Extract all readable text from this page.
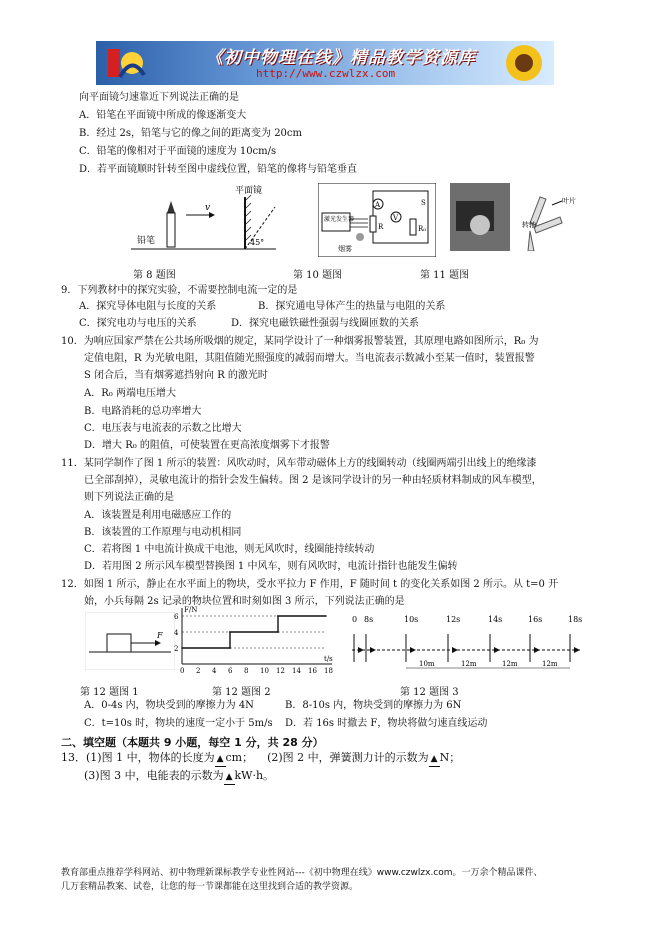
《初中物理在线》精品教学资源库
http://www.czwlzx.com
向平面镜匀速靠近下列说法正确的是
A．铅笔在平面镜中所成的像逐渐变大
B．经过 2s，铅笔与它的像之间的距离变为 20cm
C．铅笔的像相对于平面镜的速度为 10cm/s
D．若平面镜顺时针转至图中虚线位置，铅笔的像将与铅笔垂直
9．下列教材中的探究实验，不需要控制电流一定的是
A．探究导体电阻与长度的关系	B．探究通电导体产生的热量与电阻的关系
C．探究电功与电压的关系	D．探究电磁铁磁性强弱与线圈匝数的关系
10．为响应国家严禁在公共场所吸烟的规定，某同学设计了一种烟雾报警装置，其原理电路如图所示，R₀ 为
定值电阻，R 为光敏电阻，其阻值随光照强度的减弱而增大。当电流表示数减小至某一值时，装置报警
S 闭合后，当有烟雾遮挡射向 R 的激光时
A．R₀ 两端电压增大
B．电路消耗的总功率增大
C．电压表与电流表的示数之比增大
D．增大 R₀ 的阻值，可使装置在更高浓度烟雾下才报警
11．某同学制作了图 1 所示的装置：风吹动时，风车带动磁体上方的线圈转动（线圈两端引出线上的绝缘漆
已全部刮掉），灵敏电流计的指针会发生偏转。图 2 是该同学设计的另一种由轻质材料制成的风车模型，
则下列说法正确的是
A．该装置是利用电磁感应工作的
B．该装置的工作原理与电动机相同
C．若将图 1 中电流计换成干电池，则无风吹时，线圈能持续转动
D．若用图 2 所示风车模型替换图 1 中风车，则有风吹时，电流计指针也能发生偏转
12．如图 1 所示，静止在水平面上的物块，受水平拉力 F 作用，F 随时间 t 的变化关系如图 2 所示。从 t=0 开
始，小兵每隔 2s 记录的物块位置和时刻如图 3 所示，下列说法正确的是
A．0-4s 内，物块受到的摩擦力为 4N	B．8-10s 内，物块受到的摩擦力为 6N
C．t=10s 时，物块的速度一定小于 5m/s D．若 16s 时撤去 F，物块将做匀速直线运动
v
平面镜
铅笔	45°
A
V
R	R₀
S
激光发生器
烟雾
叶片
转轴
F
2
4
6
0 2 4 6 8 10 12 14 16 18
F/N
t/s
0 8s	10s	12s	14s	16s	18s
10m	12m	12m	12m
第 8 题图	第 10 题图	第 11 题图
第 12 题图 1	第 12 题图 2	第 12 题图 3
二、填空题（本题共 9 小题，每空 1 分，共 28 分）
13．(1)图 1 中，物体的长度为 ▲ cm； (2)图 2 中，弹簧测力计的示数为 ▲ N；
(3)图 3 中，电能表的示数为 ▲ kW·h。
教育部重点推荐学科网站、初中物理新课标教学专业性网站---《初中物理在线》www.czwlzx.com。一万余个精品课件、
几万套精品教案、试卷，让您的每一节课都能在这里找到合适的教学资源。
